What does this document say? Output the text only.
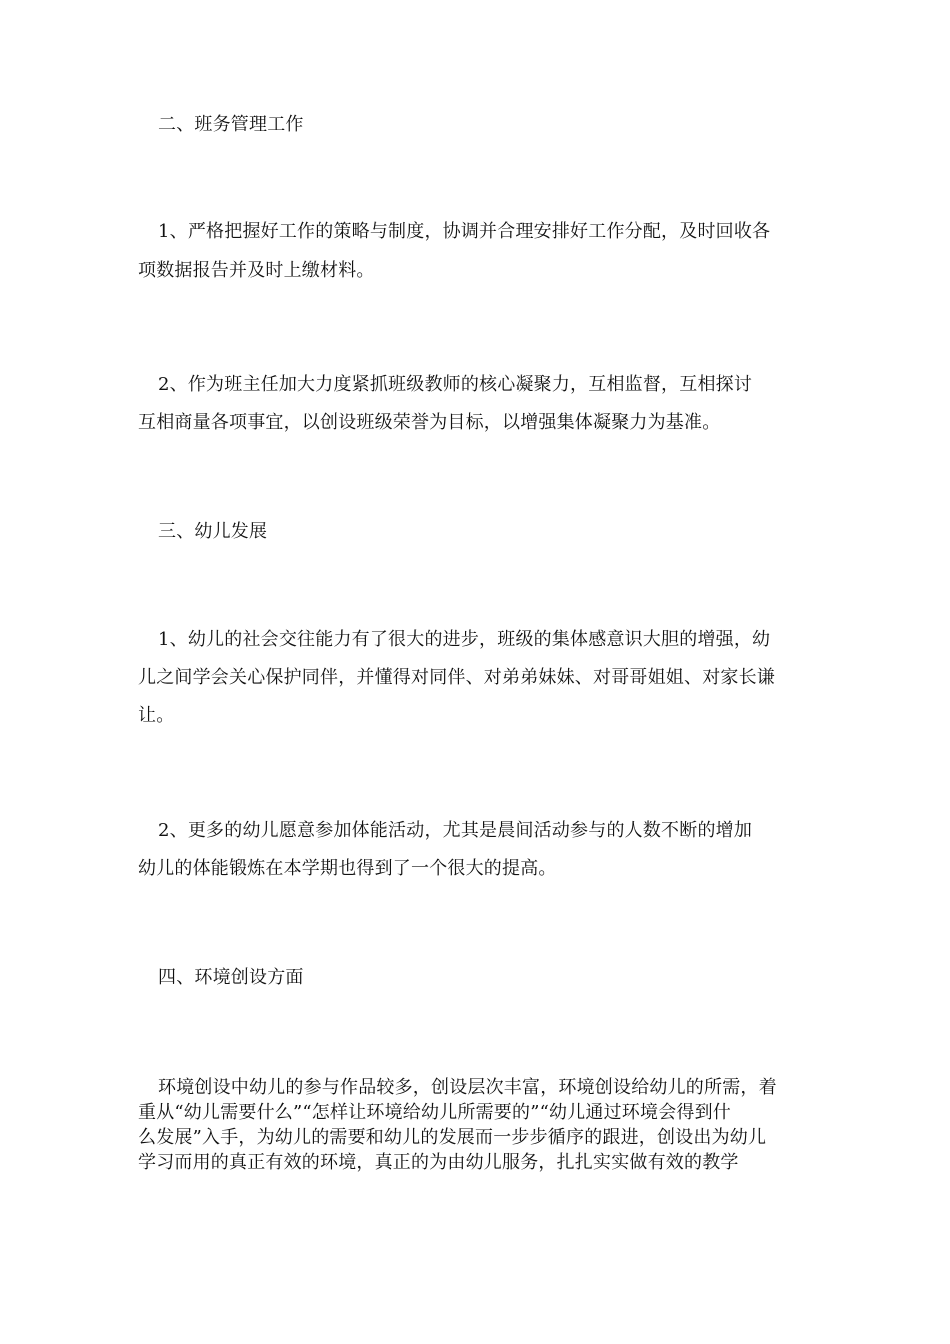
二、班务管理工作
1、严格把握好工作的策略与制度，协调并合理安排好工作分配，及时回收各
项数据报告并及时上缴材料。
2、作为班主任加大力度紧抓班级教师的核心凝聚力，互相监督，互相探讨
互相商量各项事宜，以创设班级荣誉为目标，以增强集体凝聚力为基准。
三、幼儿发展
1、幼儿的社会交往能力有了很大的进步，班级的集体感意识大胆的增强，幼
儿之间学会关心保护同伴，并懂得对同伴、对弟弟妹妹、对哥哥姐姐、对家长谦
让。
2、更多的幼儿愿意参加体能活动，尤其是晨间活动参与的人数不断的增加
幼儿的体能锻炼在本学期也得到了一个很大的提高。
四、环境创设方面
环境创设中幼儿的参与作品较多，创设层次丰富，环境创设给幼儿的所需，着
重从“幼儿需要什么”“怎样让环境给幼儿所需要的”“幼儿通过环境会得到什
么发展”入手，为幼儿的需要和幼儿的发展而一步步循序的跟进，创设出为幼儿
学习而用的真正有效的环境，真正的为由幼儿服务，扎扎实实做有效的教学
